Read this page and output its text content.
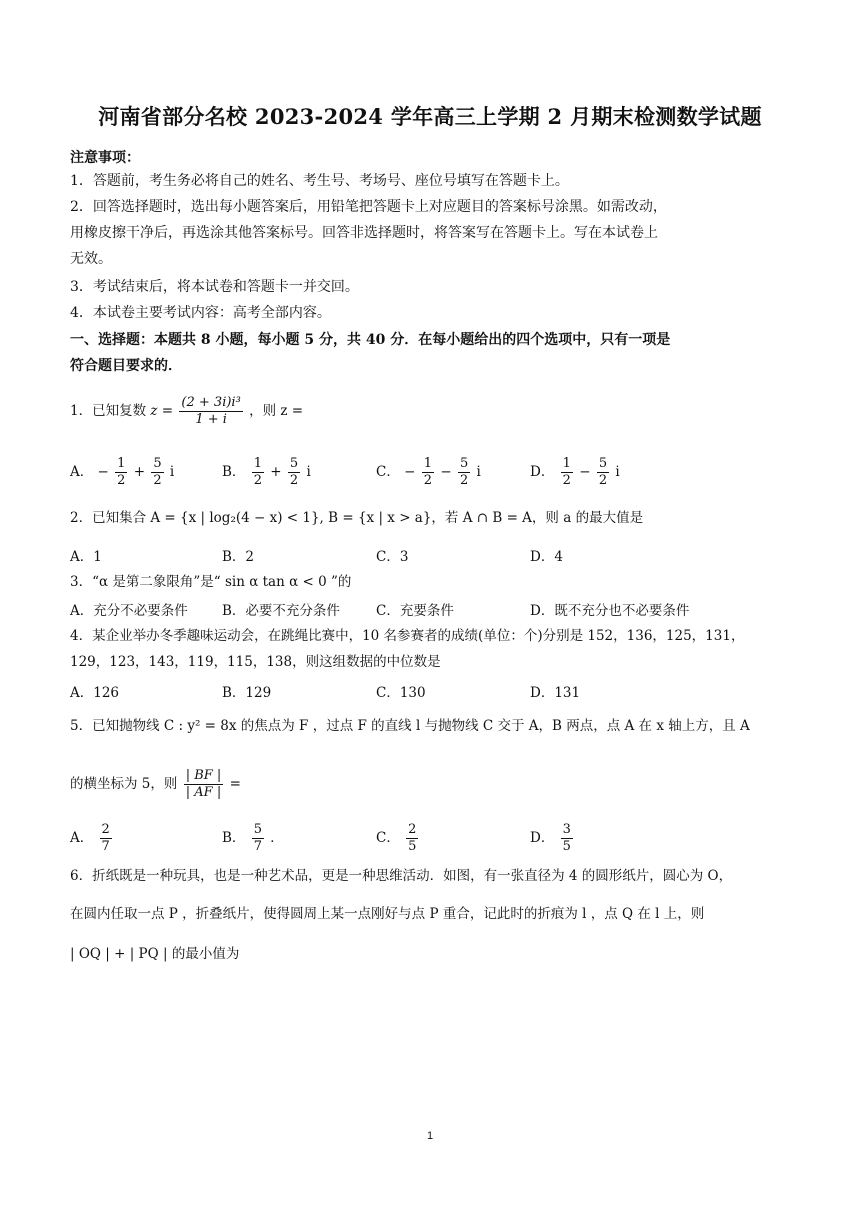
河南省部分名校 2023-2024 学年高三上学期 2 月期末检测数学试题
注意事项：
1．答题前，考生务必将自己的姓名、考生号、考场号、座位号填写在答题卡上。
2．回答选择题时，选出每小题答案后，用铅笔把答题卡上对应题目的答案标号涂黑。如需改动，
用橡皮擦干净后，再选涂其他答案标号。回答非选择题时，将答案写在答题卡上。写在本试卷上
无效。
3．考试结束后，将本试卷和答题卡一并交回。
4．本试卷主要考试内容：高考全部内容。
一、选择题：本题共 8 小题，每小题 5 分，共 40 分．在每小题给出的四个选项中，只有一项是
符合题目要求的．
1．已知复数 $z = \frac{\text{(2 + 3i)i³}}{1 + i}$ ，则 z =
A． − $\frac{1}{2} + \frac{5}{2}$ i	B． $\frac{1}{2} + \frac{5}{2}$ i	C． − $\frac{1}{2} - \frac{5}{2}$ i	D． $\frac{1}{2} - \frac{5}{2}$ i
2．已知集合 A = {x | log₂(4 − x) < 1}, B = {x | x > a}，若 A ∩ B = A，则 a 的最大值是
A．1	B．2	C．3	D．4
3．“α 是第二象限角”是“ sin α tan α < 0 ”的
A．充分不必要条件	B．必要不充分条件	C．充要条件	D．既不充分也不必要条件
4．某企业举办冬季趣味运动会，在跳绳比赛中，10 名参赛者的成绩(单位：个)分别是 152，136，125，131，
129，123，143，119，115，138，则这组数据的中位数是
A．126	B．129	C．130	D．131
5．已知抛物线 C : y² = 8x 的焦点为 F ，过点 F 的直线 l 与抛物线 C 交于 A，B 两点，点 A 在 x 轴上方，且 A
的横坐标为 5，则 $\frac{| BF |}{| AF |}$ =
A． $\frac{2}{7}$	B． $\frac{5}{7}$ ．	C． $\frac{2}{5}$	D． $\frac{3}{5}$
6．折纸既是一种玩具，也是一种艺术品，更是一种思维活动．如图，有一张直径为 4 的圆形纸片，圆心为 O，
在圆内任取一点 P ，折叠纸片，使得圆周上某一点刚好与点 P 重合，记此时的折痕为 l ，点 Q 在 l 上，则
| OQ | + | PQ | 的最小值为
1
